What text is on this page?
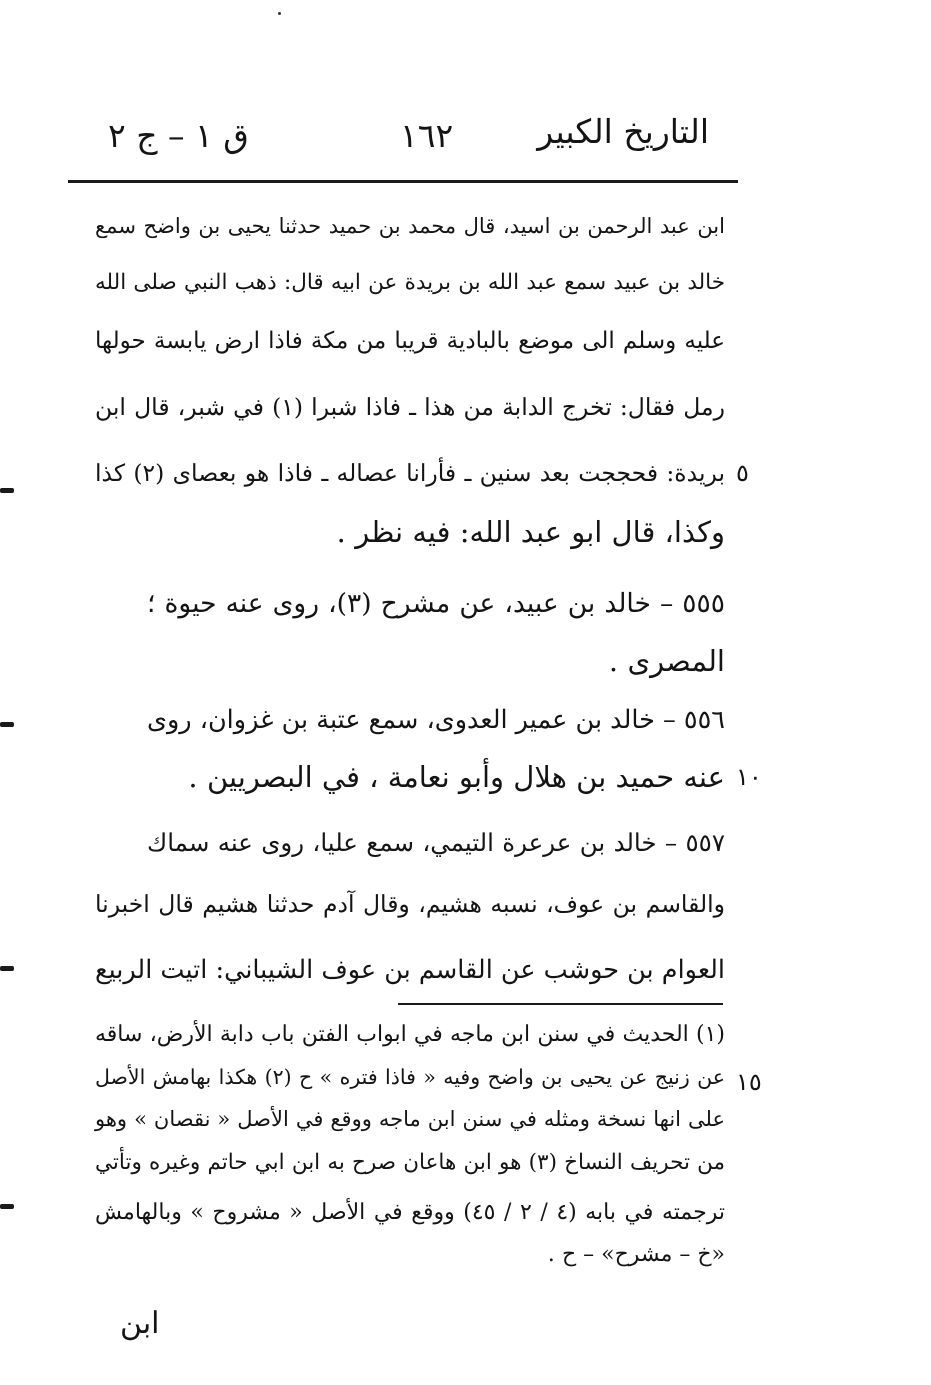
التاريخ الكبير
١٦٢
ق ١ – ج ٢
ابن عبد الرحمن بن اسيد، قال محمد بن حميد حدثنا يحيى بن واضح سمع
خالد بن عبيد سمع عبد الله بن بريدة عن ابيه قال: ذهب النبي صلى الله
عليه وسلم الى موضع بالبادية قريبا من مكة فاذا ارض يابسة حولها
رمل فقال: تخرج الدابة من هذا ـ فاذا شبرا (١) في شبر، قال ابن
بريدة: فحججت بعد سنين ـ فأرانا عصاله ـ فاذا هو بعصاى (٢) كذا
وكذا، قال ابو عبد الله: فيه نظر ․
٥٥٥ – خالد بن عبيد، عن مشرح (٣)، روى عنه حيوة ؛
المصرى ․
٥٥٦ – خالد بن عمير العدوى، سمع عتبة بن غزوان، روى
عنه حميد بن هلال وأبو نعامة ، في البصريين ․
٥٥٧ – خالد بن عرعرة التيمي، سمع عليا، روى عنه سماك
والقاسم بن عوف، نسبه هشيم، وقال آدم حدثنا هشيم قال اخبرنا
العوام بن حوشب عن القاسم بن عوف الشيباني: اتيت الربيع
٥
١٠
١٥
(١) الحديث في سنن ابن ماجه في ابواب الفتن باب دابة الأرض، ساقه
عن زنيج عن يحيى بن واضح وفيه « فاذا فتره » ح (٢) هكذا بهامش الأصل
على انها نسخة ومثله في سنن ابن ماجه ووقع في الأصل « نقصان » وهو
من تحريف النساخ (٣) هو ابن هاعان صرح به ابن ابي حاتم وغيره وتأتي
ترجمته في بابه (٤ / ٢ / ٤٥) ووقع في الأصل « مشروح » وبالهامش
«خ – مشرح» – ح ․
ابن
